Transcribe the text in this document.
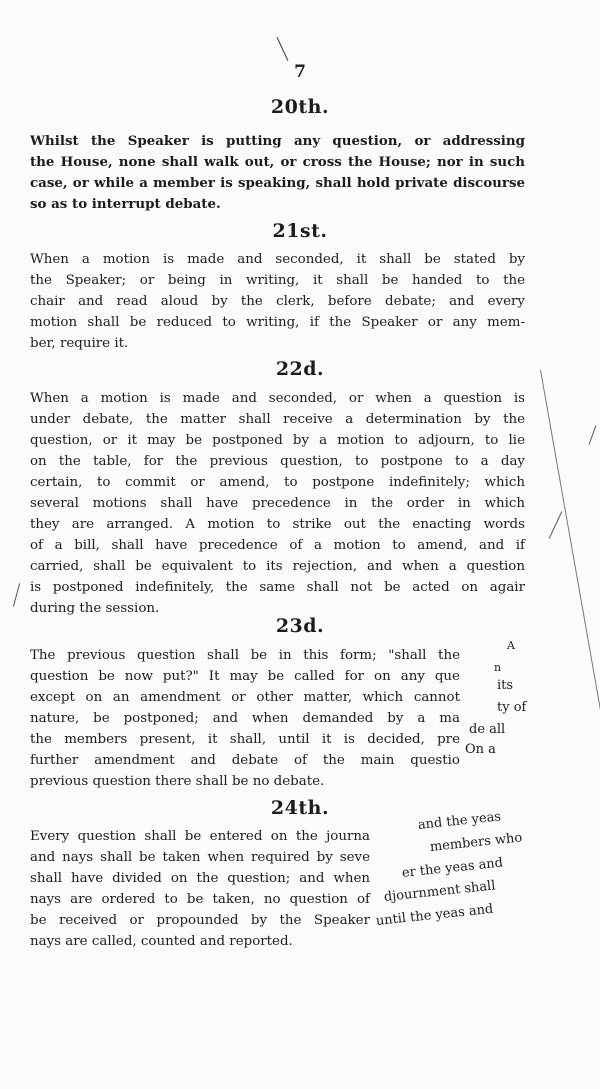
7
20th.
Whilst the Speaker is putting any question, or addressing
the House, none shall walk out, or cross the House; nor in such
case, or while a member is speaking, shall hold private discourse
so as to interrupt debate.
21st.
When a motion is made and seconded, it shall be stated by
the Speaker; or being in writing, it shall be handed to the
chair and read aloud by the clerk, before debate; and every
motion shall be reduced to writing, if the Speaker or any mem-
ber, require it.
22d.
When a motion is made and seconded, or when a question is
under debate, the matter shall receive a determination by the
question, or it may be postponed by a motion to adjourn, to lie
on the table, for the previous question, to postpone to a day
certain, to commit or amend, to postpone indefinitely; which
several motions shall have precedence in the order in which
they are arranged. A motion to strike out the enacting words
of a bill, shall have precedence of a motion to amend, and if
carried, shall be equivalent to its rejection, and when a question
is postponed indefinitely, the same shall not be acted on agair
during the session.
23d.
The previous question shall be in this form; "shall the
question be now put?" It may be called for on any que
except on an amendment or other matter, which cannot
nature, be postponed; and when demanded by a ma
the members present, it shall, until it is decided, pre
further amendment and debate of the main questio
previous question there shall be no debate.
A
n
its
ty of
de all
On a
24th.
Every question shall be entered on the journa
and nays shall be taken when required by seve
shall have divided on the question; and when
nays are ordered to be taken, no question of
be received or propounded by the Speaker
nays are called, counted and reported.
and the yeas
members who
er the yeas and
djournment shall
until the yeas and
